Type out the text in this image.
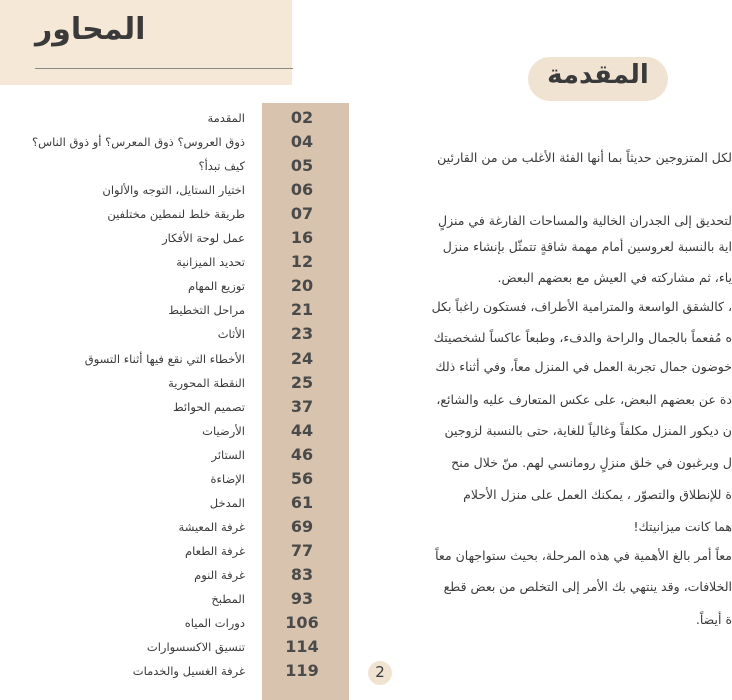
المحاور
المقدمة	02
ذوق العروس؟ ذوق المعرس؟ أو ذوق الناس؟	04
كيف تبدأ؟	05
اختيار الستايل، التوجه والألوان	06
طريقة خلط لنمطين مختلفين	07
عمل لوحة الأفكار	16
تحديد الميزانية	12
توزيع المهام	20
مراحل التخطيط	21
الأثاث	23
الأخطاء التي نقع فيها أثناء التسوق	24
النقطة المحورية	25
تصميم الحوائط	37
الأرضيات	44
الستائر	46
الإضاءة	56
المدخل	61
غرفة المعيشة	69
غرفة الطعام	77
غرفة النوم	83
المطبخ	93
دورات المياه	106
تنسيق الاكسسوارات	114
غرفة الغسيل والخدمات	119
المقدمة
لكل المتزوجين حديثاً بما أنها الفئة الأغلب من من القارئين
لتحديق إلى الجدران الخالية والمساحات الفارغة في منزلٍ
اية بالنسبة لعروسين أمام مهمة شاقةٍ تتمثّل بإنشاء منزل
ياء، ثم مشاركته في العيش مع بعضهم البعض.
، كالشقق الواسعة والمترامية الأطراف، فستكون راغباً بكل
ه مُفعماً بالجمال والراحة والدفء، وطبعاً عاكساً لشخصيتك
خوضون جمال تجربة العمل في المنزل معاً، وفي أثناء ذلك
دة عن بعضهم البعض، على عكس المتعارف عليه والشائع،
ن ديكور المنزل مكلفاً وغالياً للغاية، حتى بالنسبة لزوجين
ل ويرغبون في خلق منزلٍ رومانسي لهم. منّ خلال منح
ة للإنطلاق والتصوّر ، يمكنك العمل على منزل الأحلام
هما كانت ميزانيتك!
معاً أمر بالغ الأهمية في هذه المرحلة، بحيث ستواجهان معاً
الخلافات، وقد ينتهي بك الأمر إلى التخلص من بعض قطع
ة أيضاً.
2
